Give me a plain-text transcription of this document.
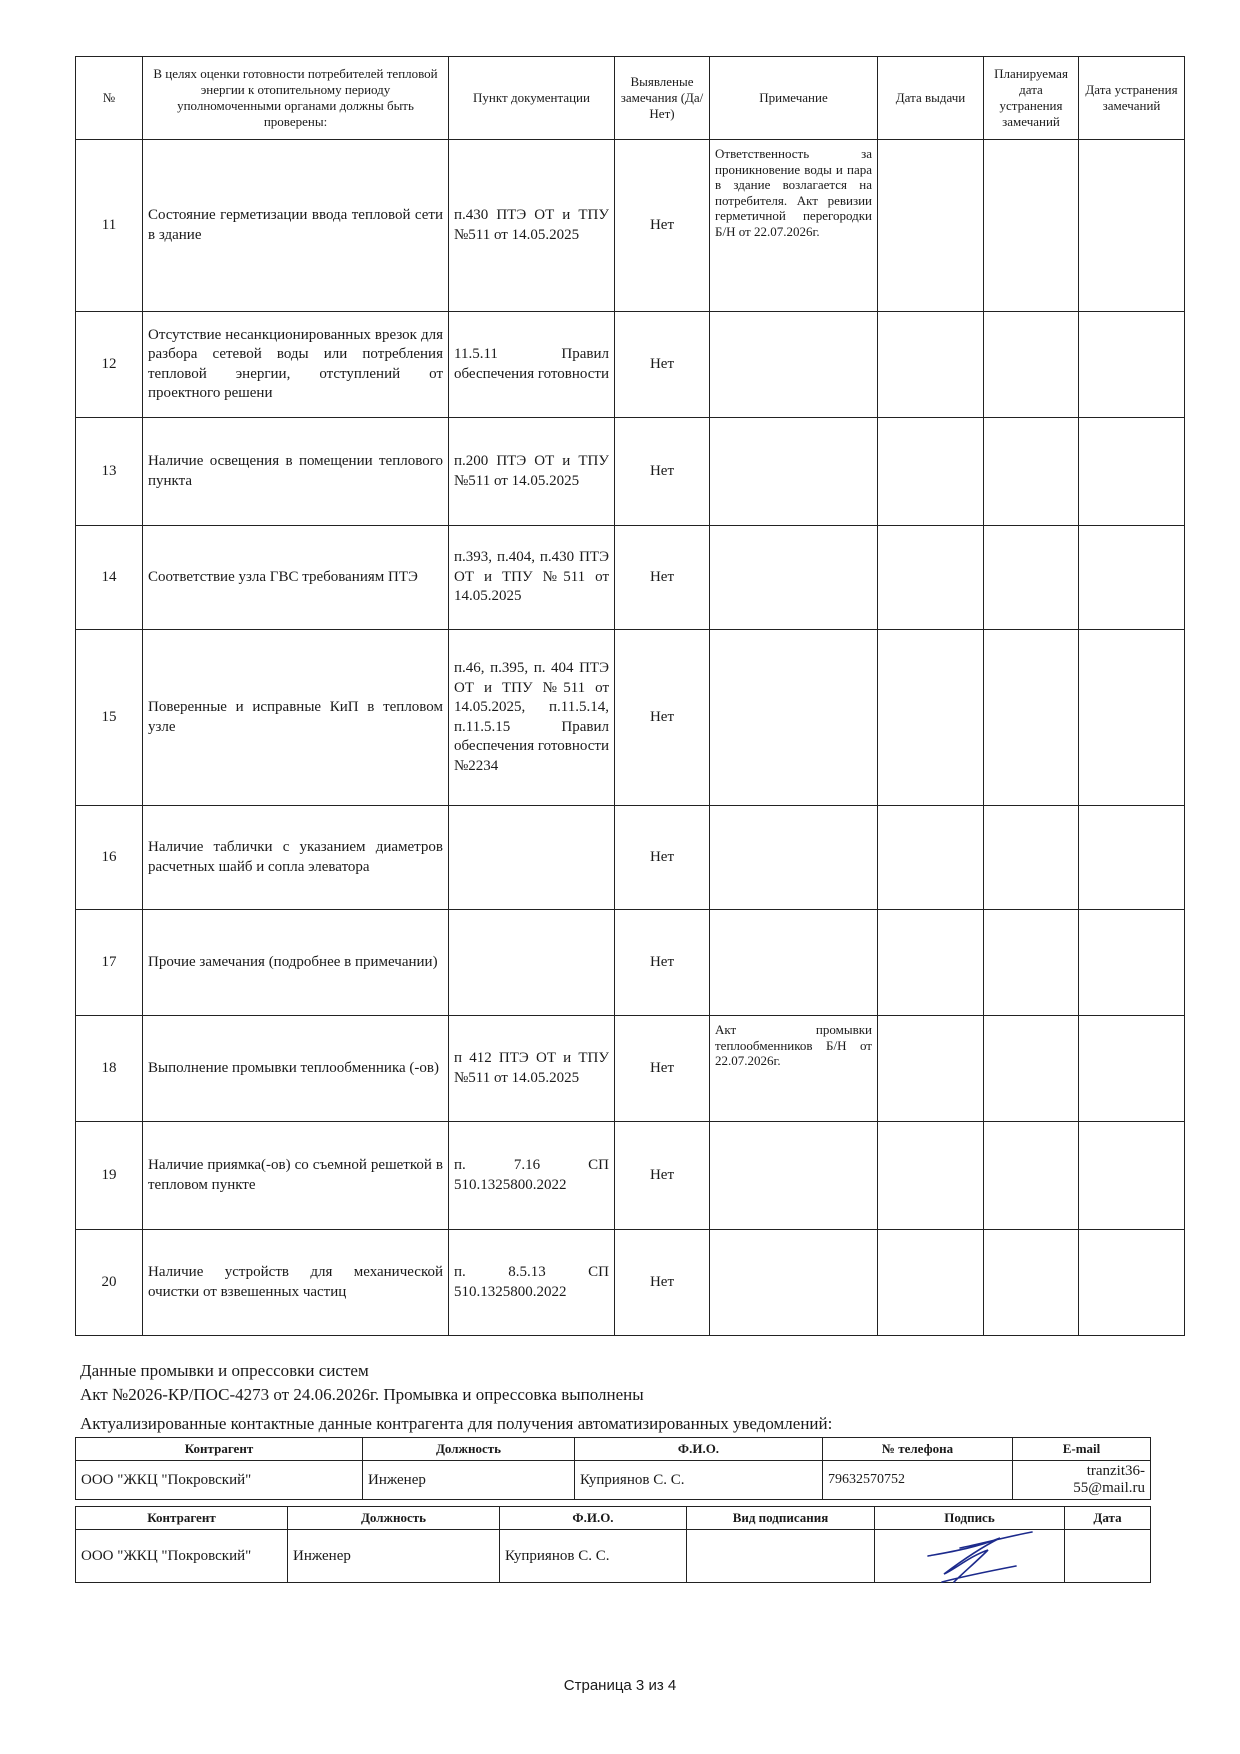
№	В целях оценки готовности потребителей тепловой энергии к отопительному периоду уполномоченными органами должны быть проверены:	Пункт документации	Выявленые замечания (Да/Нет)	Примечание	Дата выдачи	Планируемая дата устранения замечаний	Дата устранения замечаний
11	Состояние герметизации ввода тепловой сети в здание	п.430 ПТЭ ОТ и ТПУ №511 от 14.05.2025	Нет	Ответственность за проникновение воды и пара в здание возлагается на потребителя. Акт ревизии герметичной перегородки Б/Н от 22.07.2026г.			
12	Отсутствие несанкционированных врезок для разбора сетевой воды или потребления тепловой энергии, отступлений от проектного решени	11.5.11 Правил обеспечения готовности	Нет				
13	Наличие освещения в помещении теплового пункта	п.200 ПТЭ ОТ и ТПУ №511 от 14.05.2025	Нет				
14	Соответствие узла ГВС требованиям ПТЭ	п.393, п.404, п.430 ПТЭ ОТ и ТПУ №511 от 14.05.2025	Нет				
15	Поверенные и исправные КиП в тепловом узле	п.46, п.395, п. 404 ПТЭ ОТ и ТПУ №511 от 14.05.2025, п.11.5.14, п.11.5.15 Правил обеспечения готовности №2234	Нет				
16	Наличие таблички с указанием диаметров расчетных шайб и сопла элеватора		Нет				
17	Прочие замечания (подробнее в примечании)		Нет				
18	Выполнение промывки теплообменника (-ов)	п 412 ПТЭ ОТ и ТПУ №511 от 14.05.2025	Нет	Акт промывки теплообменников Б/Н от 22.07.2026г.			
19	Наличие приямка(-ов) со съемной решеткой в тепловом пункте	п. 7.16 СП 510.1325800.2022	Нет				
20	Наличие устройств для механической очистки от взвешенных частиц	п. 8.5.13 СП 510.1325800.2022	Нет				
Данные промывки и опрессовки систем
Акт №2026-КР/ПОС-4273 от 24.06.2026г. Промывка и опрессовка выполнены
Актуализированные контактные данные контрагента для получения автоматизированных уведомлений:
Контрагент	Должность	Ф.И.О.	№ телефона	E-mail
ООО "ЖКЦ "Покровский"	Инженер	Куприянов С. С.	79632570752	tranzit36-55@mail.ru
Контрагент	Должность	Ф.И.О.	Вид подписания	Подпись	Дата
ООО "ЖКЦ "Покровский"	Инженер	Куприянов С. С.		

Страница 3 из 4
